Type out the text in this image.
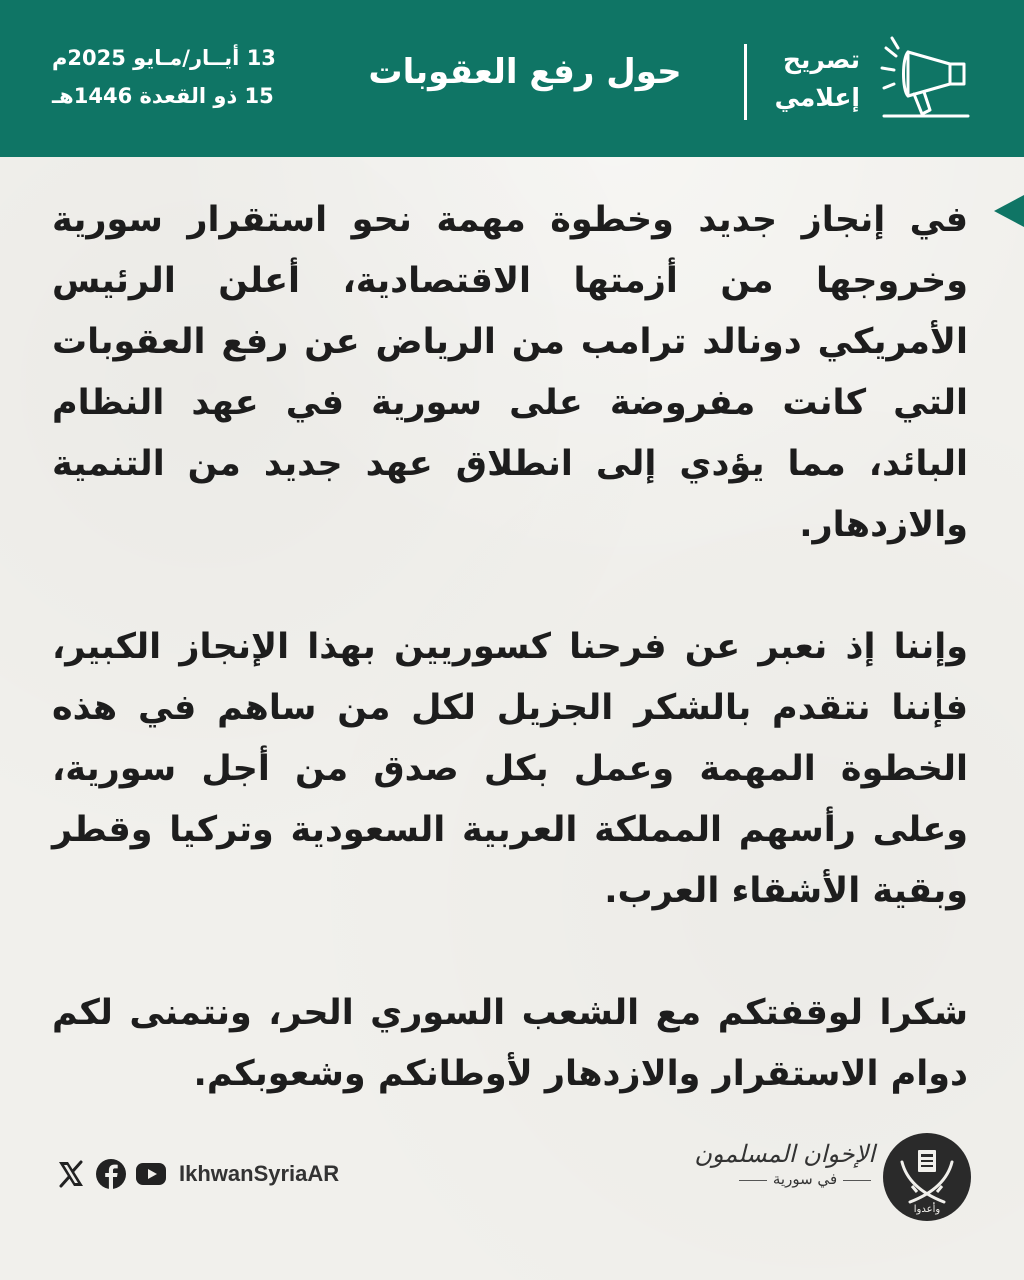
13 أيــار/مـايو 2025م
15 ذو القعدة 1446هـ
حول رفع العقوبات	تصريح
إعلامي

في إنجاز جديد وخطوة مهمة نحو استقرار سورية وخروجها من أزمتها الاقتصادية، أعلن الرئيس الأمريكي دونالد ترامب من الرياض عن رفع العقوبات التي كانت مفروضة على سورية في عهد النظام البائد، مما يؤدي إلى انطلاق عهد جديد من التنمية والازدهار.

وإننا إذ نعبر عن فرحنا كسوريين بهذا الإنجاز الكبير، فإننا نتقدم بالشكر الجزيل لكل من ساهم في هذه الخطوة المهمة وعمل بكل صدق من أجل سورية، وعلى رأسهم المملكة العربية السعودية وتركيا وقطر وبقية الأشقاء العرب.

شكرا لوقفتكم مع الشعب السوري الحر، ونتمنى لكم دوام الاستقرار والازدهار لأوطانكم وشعوبكم.

IkhwanSyriaAR
الإخوان المسلمون
في سورية
وأعدوا
